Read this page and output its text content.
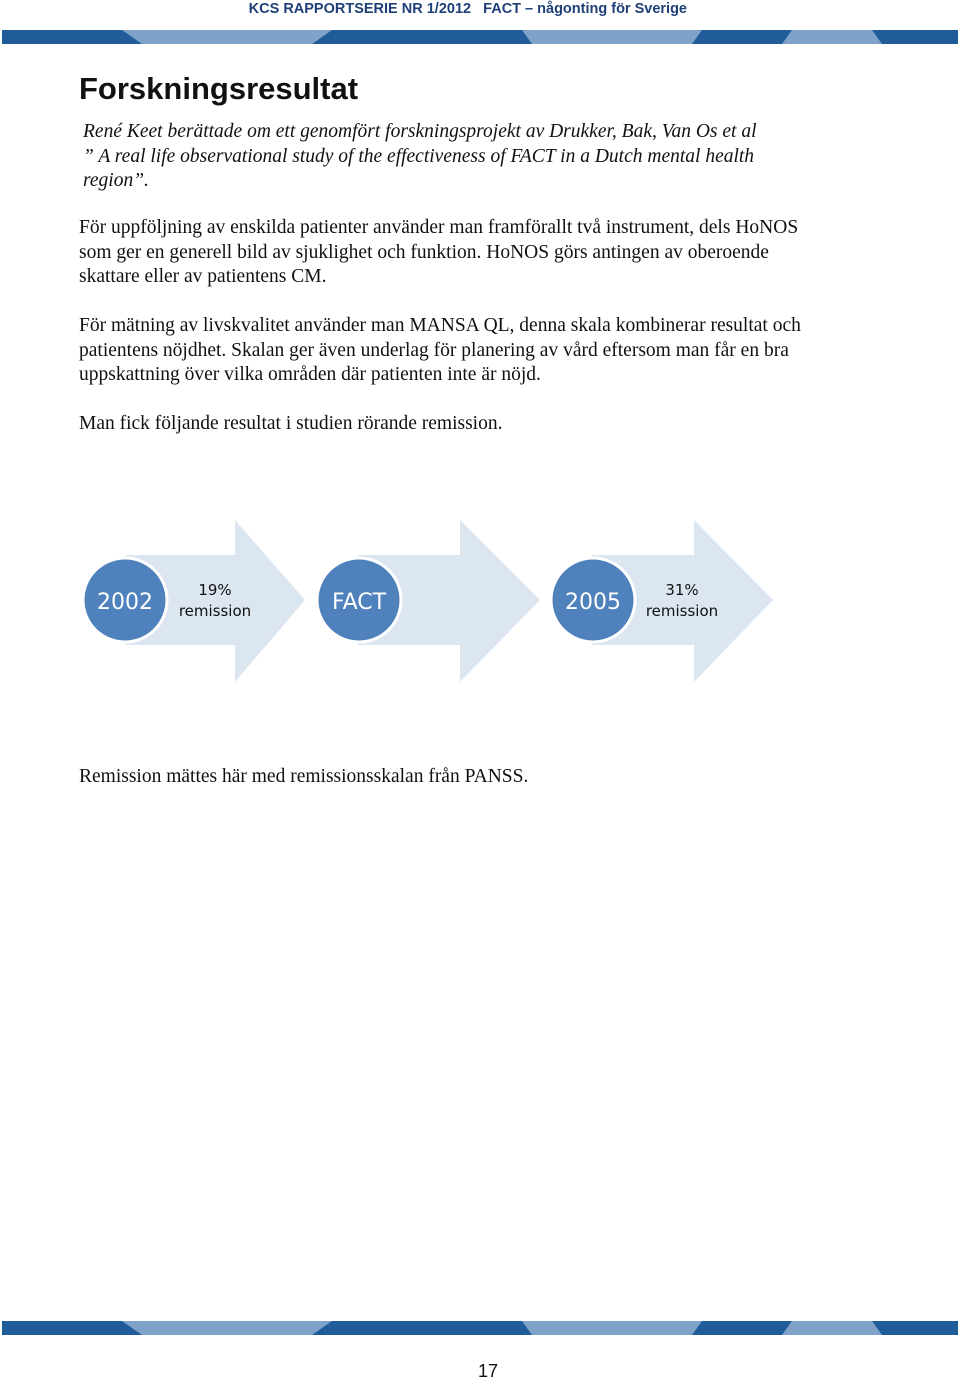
KCS RAPPORTSERIE NR 1/2012 FACT – någonting för Sverige
Forskningsresultat
René Keet berättade om ett genomfört forskningsprojekt av Drukker, Bak, Van Os et al
” A real life observational study of the effectiveness of FACT in a Dutch mental health
region”.
För uppföljning av enskilda patienter använder man framförallt två instrument, dels HoNOS
som ger en generell bild av sjuklighet och funktion. HoNOS görs antingen av oberoende
skattare eller av patientens CM.
För mätning av livskvalitet använder man MANSA QL, denna skala kombinerar resultat och
patientens nöjdhet. Skalan ger även underlag för planering av vård eftersom man får en bra
uppskattning över vilka områden där patienten inte är nöjd.
Man fick följande resultat i studien rörande remission.
2002	FACT	2005
19%
remission
31%
remission
Remission mättes här med remissionsskalan från PANSS.
17
